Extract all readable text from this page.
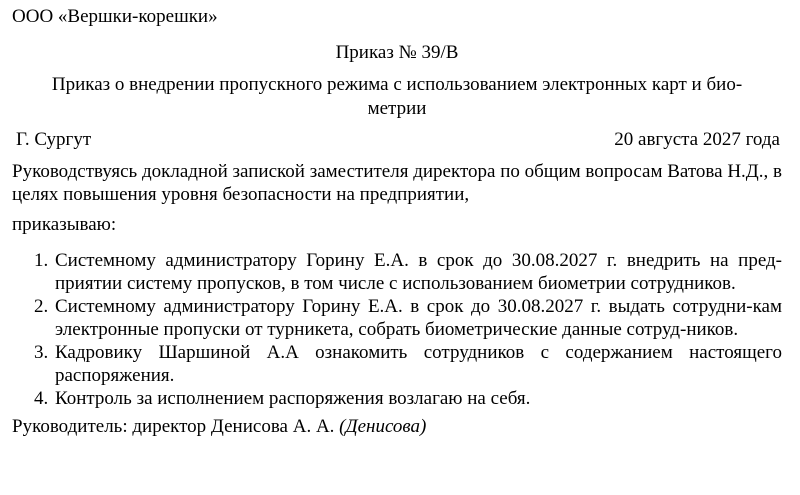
ООО «Вершки-корешки»
Приказ № 39/В
Приказ о внедрении пропускного режима с использованием электронных карт и био-
метрии
Г. Сургут	20 августа 2027 года
Руководствуясь докладной запиской заместителя директора по общим вопросам Ватова Н.Д., в целях повышения уровня безопасности на предприятии,
приказываю:
1. Системному администратору Горину Е.А. в срок до 30.08.2027 г. внедрить на пред-приятии систему пропусков, в том числе с использованием биометрии сотрудников.
2. Системному администратору Горину Е.А. в срок до 30.08.2027 г. выдать сотрудни-кам электронные пропуски от турникета, собрать биометрические данные сотруд-ников.
3. Кадровику Шаршиной А.А ознакомить сотрудников с содержанием настоящего распоряжения.
4. Контроль за исполнением распоряжения возлагаю на себя.
Руководитель: директор Денисова А. А. (Денисова)
